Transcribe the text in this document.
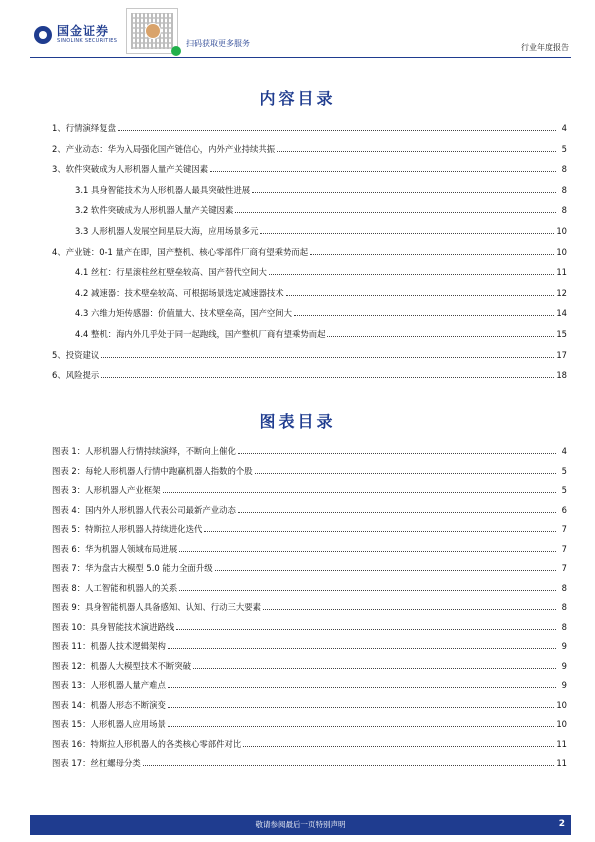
国金证券
SINOLINK SECURITIES	扫码获取更多服务	行业年度报告
内容目录
1、行情演绎复盘	4
2、产业动态：华为入局强化国产链信心，内外产业持续共振	5
3、软件突破成为人形机器人量产关键因素	8
3.1 具身智能技术为人形机器人最具突破性进展	8
3.2 软件突破成为人形机器人量产关键因素	8
3.3 人形机器人发展空间星辰大海，应用场景多元	10
4、产业链：0-1 量产在即，国产整机、核心零部件厂商有望乘势而起	10
4.1 丝杠：行星滚柱丝杠壁垒较高、国产替代空间大	11
4.2 减速器：技术壁垒较高、可根据场景选定减速器技术	12
4.3 六维力矩传感器：价值量大、技术壁垒高，国产空间大	14
4.4 整机：海内外几乎处于同一起跑线，国产整机厂商有望乘势而起	15
5、投资建议	17
6、风险提示	18
图表目录
图表 1：人形机器人行情持续演绎，不断向上催化	4
图表 2：每轮人形机器人行情中跑赢机器人指数的个股	5
图表 3：人形机器人产业框架	5
图表 4：国内外人形机器人代表公司最新产业动态	6
图表 5：特斯拉人形机器人持续进化迭代	7
图表 6：华为机器人领域布局进展	7
图表 7：华为盘古大模型 5.0 能力全面升级	7
图表 8：人工智能和机器人的关系	8
图表 9：具身智能机器人具备感知、认知、行动三大要素	8
图表 10：具身智能技术演进路线	8
图表 11：机器人技术逻辑架构	9
图表 12：机器人大模型技术不断突破	9
图表 13：人形机器人量产难点	9
图表 14：机器人形态不断演变	10
图表 15：人形机器人应用场景	10
图表 16：特斯拉人形机器人的各类核心零部件对比	11
图表 17：丝杠螺母分类	11
敬请参阅最后一页特别声明	2
